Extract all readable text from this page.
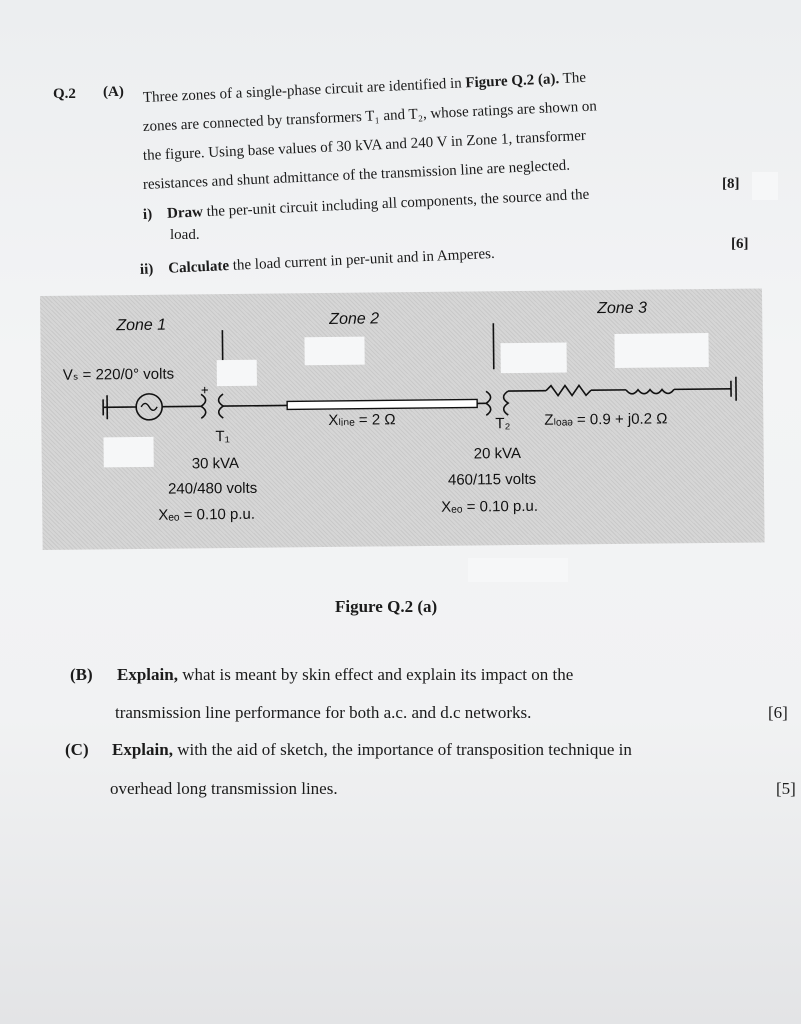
Q.2 (A) Three zones of a single-phase circuit are identified in Figure Q.2 (a). The
zones are connected by transformers T₁ and T₂, whose ratings are shown on
the figure. Using base values of 30 kVA and 240 V in Zone 1, transformer
resistances and shunt admittance of the transmission line are neglected.
i) Draw the per-unit circuit including all components, the source and the
[8]
load.
ii) Calculate the load current in per-unit and in Amperes.
[6]
+
Zone 1	Zone 2
Zone 3
Vₛ = 220/0° volts
T₁
Xₗᵢₙₑ = 2 Ω	T₂ Zₗₒₐₔ = 0.9 + j0.2 Ω
30 kVA
240/480 volts
Xₑₒ = 0.10 p.u.
20 kVA
460/115 volts
Xₑₒ = 0.10 p.u.
Figure Q.2 (a)
(B) Explain, what is meant by skin effect and explain its impact on the
transmission line performance for both a.c. and d.c networks.	[6]
(C) Explain, with the aid of sketch, the importance of transposition technique in
overhead long transmission lines.	[5]
